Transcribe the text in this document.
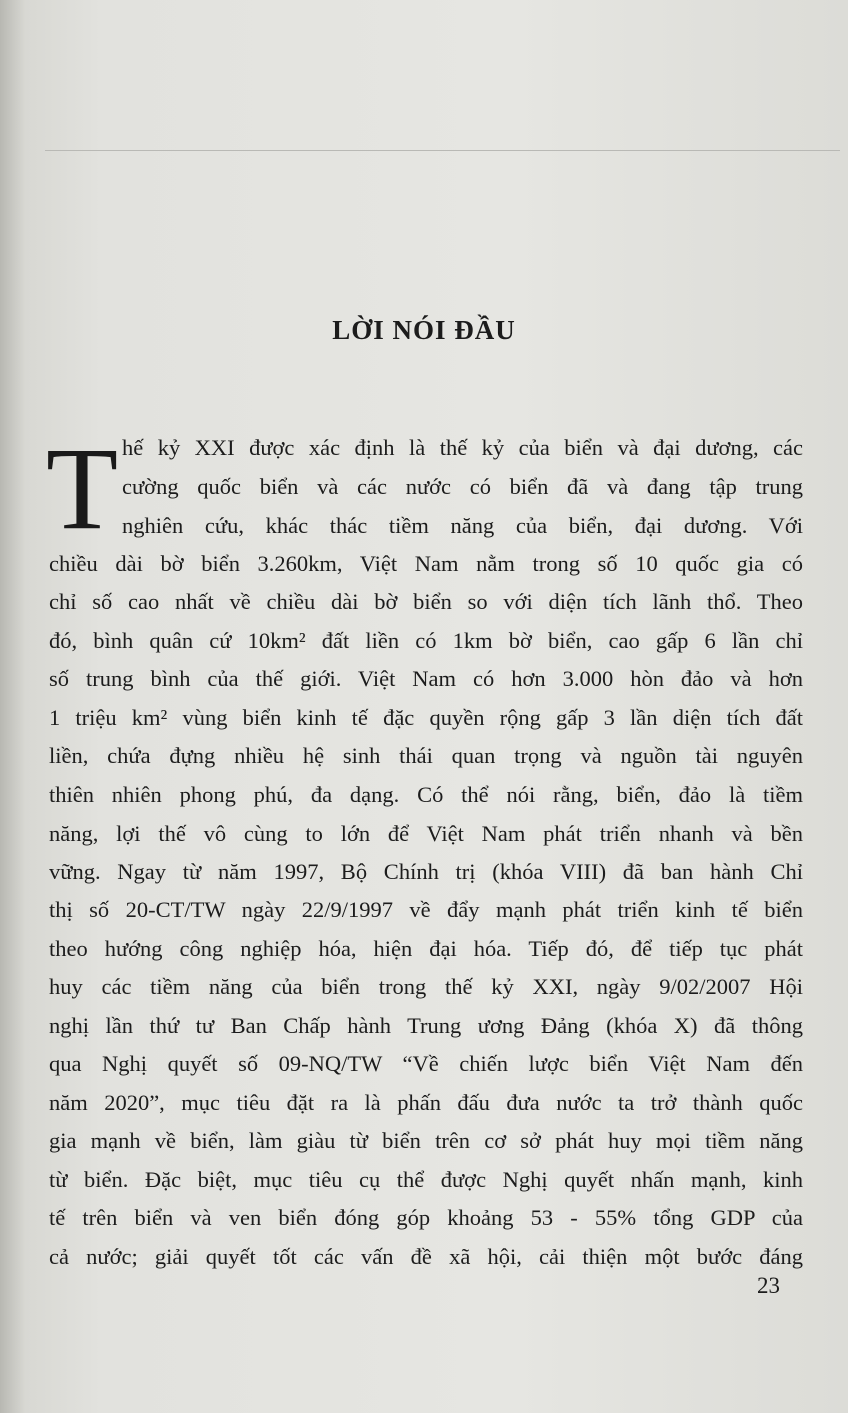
LỜI NÓI ĐẦU
T hế kỷ XXI được xác định là thế kỷ của biển và đại dương, các
cường quốc biển và các nước có biển đã và đang tập trung
nghiên cứu, khác thác tiềm năng của biển, đại dương. Với
chiều dài bờ biển 3.260km, Việt Nam nằm trong số 10 quốc gia có
chỉ số cao nhất về chiều dài bờ biển so với diện tích lãnh thổ. Theo
đó, bình quân cứ 10km² đất liền có 1km bờ biển, cao gấp 6 lần chỉ
số trung bình của thế giới. Việt Nam có hơn 3.000 hòn đảo và hơn
1 triệu km² vùng biển kinh tế đặc quyền rộng gấp 3 lần diện tích đất
liền, chứa đựng nhiều hệ sinh thái quan trọng và nguồn tài nguyên
thiên nhiên phong phú, đa dạng. Có thể nói rằng, biển, đảo là tiềm
năng, lợi thế vô cùng to lớn để Việt Nam phát triển nhanh và bền
vững. Ngay từ năm 1997, Bộ Chính trị (khóa VIII) đã ban hành Chỉ
thị số 20-CT/TW ngày 22/9/1997 về đẩy mạnh phát triển kinh tế biển
theo hướng công nghiệp hóa, hiện đại hóa. Tiếp đó, để tiếp tục phát
huy các tiềm năng của biển trong thế kỷ XXI, ngày 9/02/2007 Hội
nghị lần thứ tư Ban Chấp hành Trung ương Đảng (khóa X) đã thông
qua Nghị quyết số 09-NQ/TW “Về chiến lược biển Việt Nam đến
năm 2020”, mục tiêu đặt ra là phấn đấu đưa nước ta trở thành quốc
gia mạnh về biển, làm giàu từ biển trên cơ sở phát huy mọi tiềm năng
từ biển. Đặc biệt, mục tiêu cụ thể được Nghị quyết nhấn mạnh, kinh
tế trên biển và ven biển đóng góp khoảng 53 - 55% tổng GDP của
cả nước; giải quyết tốt các vấn đề xã hội, cải thiện một bước đáng
23
